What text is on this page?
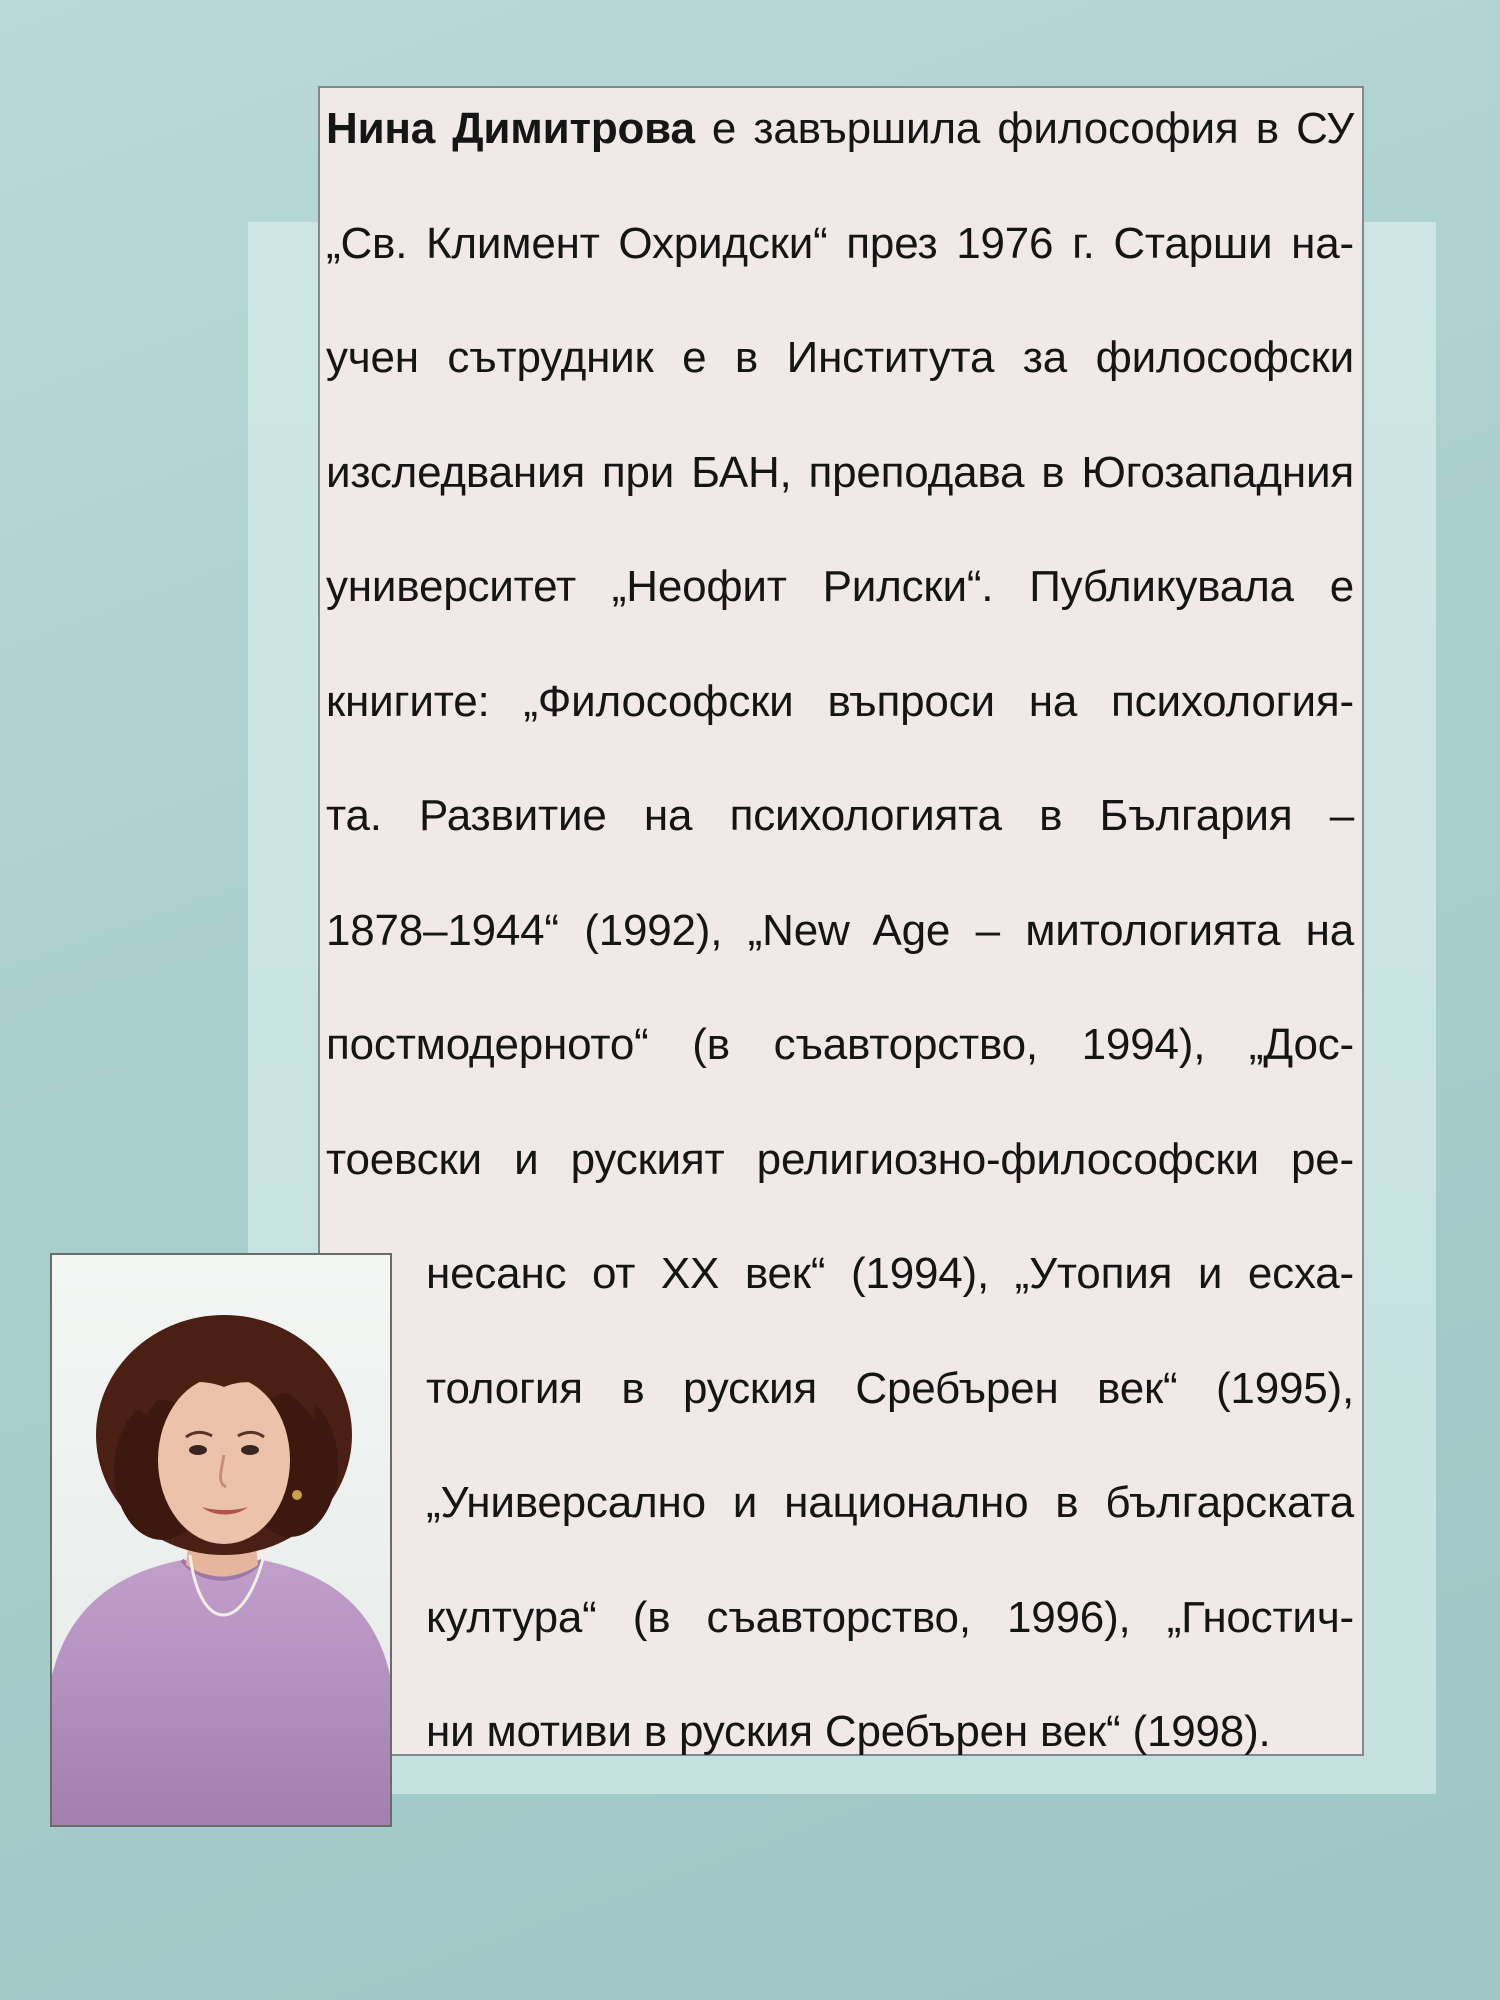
Нина Димитрова е завършила философия в СУ
„Св. Климент Охридски“ през 1976 г. Старши на-
учен сътрудник е в Института за философски
изследвания при БАН, преподава в Югозападния
университет „Неофит Рилски“. Публикувала е
книгите: „Философски въпроси на психология-
та. Развитие на психологията в България –
1878–1944“ (1992), „New Age – митологията на
постмодерното“ (в съавторство, 1994), „Дос-
тоевски и руският религиозно-философски ре-
несанс от XX век“ (1994), „Утопия и есха-
тология в руския Сребърен век“ (1995),
„Универсално и национално в българската
култура“ (в съавторство, 1996), „Гностич-
ни мотиви в руския Сребърен век“ (1998).
